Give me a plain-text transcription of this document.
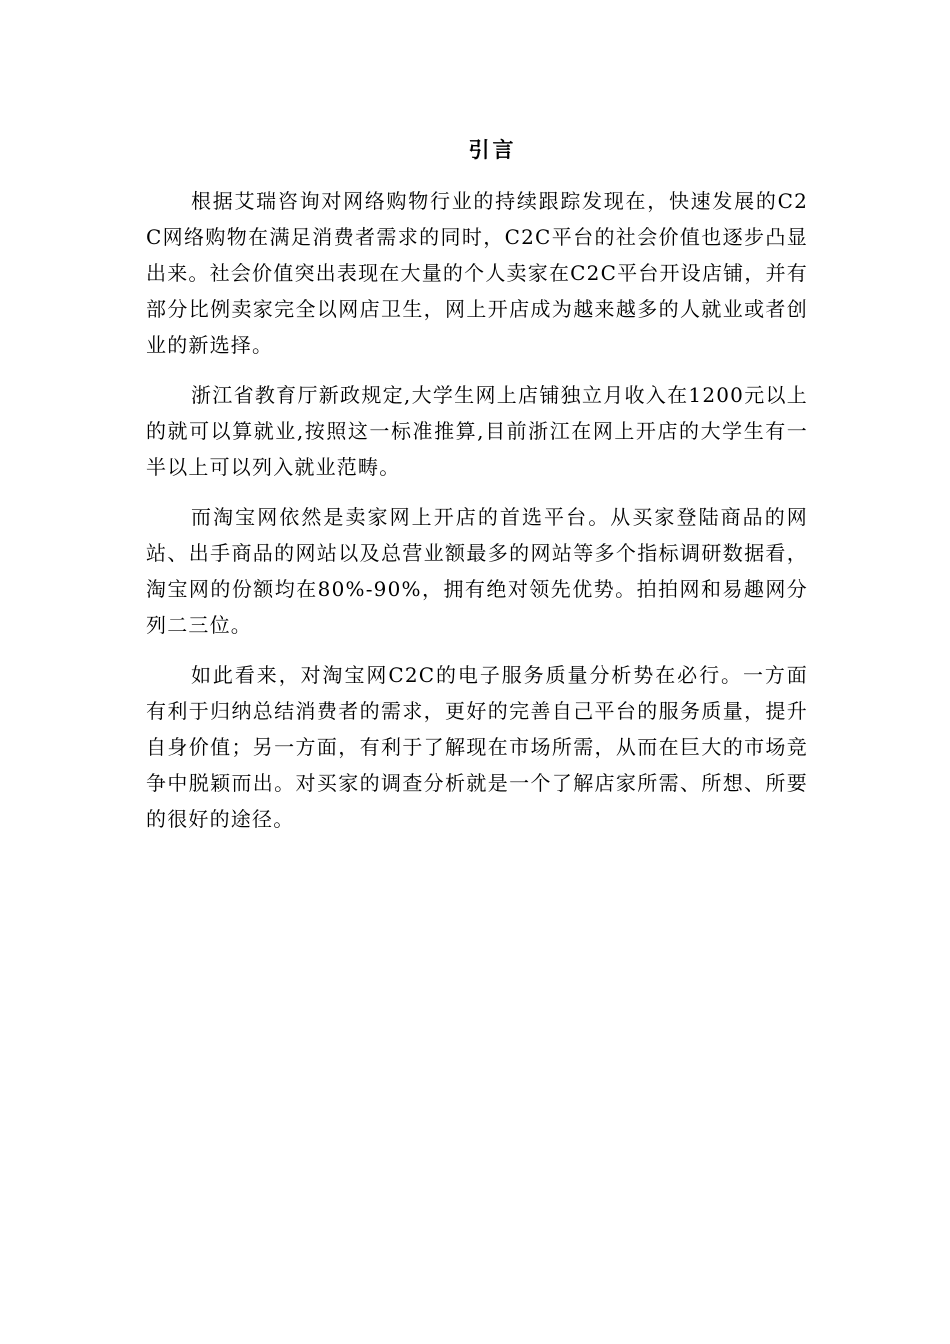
引言

根据艾瑞咨询对网络购物行业的持续跟踪发现在，快速发展的C2C网络购物在满足消费者需求的同时，C2C平台的社会价值也逐步凸显出来。社会价值突出表现在大量的个人卖家在C2C平台开设店铺，并有部分比例卖家完全以网店卫生，网上开店成为越来越多的人就业或者创业的新选择。

浙江省教育厅新政规定,大学生网上店铺独立月收入在1200元以上的就可以算就业,按照这一标准推算,目前浙江在网上开店的大学生有一半以上可以列入就业范畴。

而淘宝网依然是卖家网上开店的首选平台。从买家登陆商品的网站、出手商品的网站以及总营业额最多的网站等多个指标调研数据看，淘宝网的份额均在80%-90%，拥有绝对领先优势。拍拍网和易趣网分列二三位。

如此看来，对淘宝网C2C的电子服务质量分析势在必行。一方面有利于归纳总结消费者的需求，更好的完善自己平台的服务质量，提升自身价值；另一方面，有利于了解现在市场所需，从而在巨大的市场竞争中脱颖而出。对买家的调查分析就是一个了解店家所需、所想、所要的很好的途径。
